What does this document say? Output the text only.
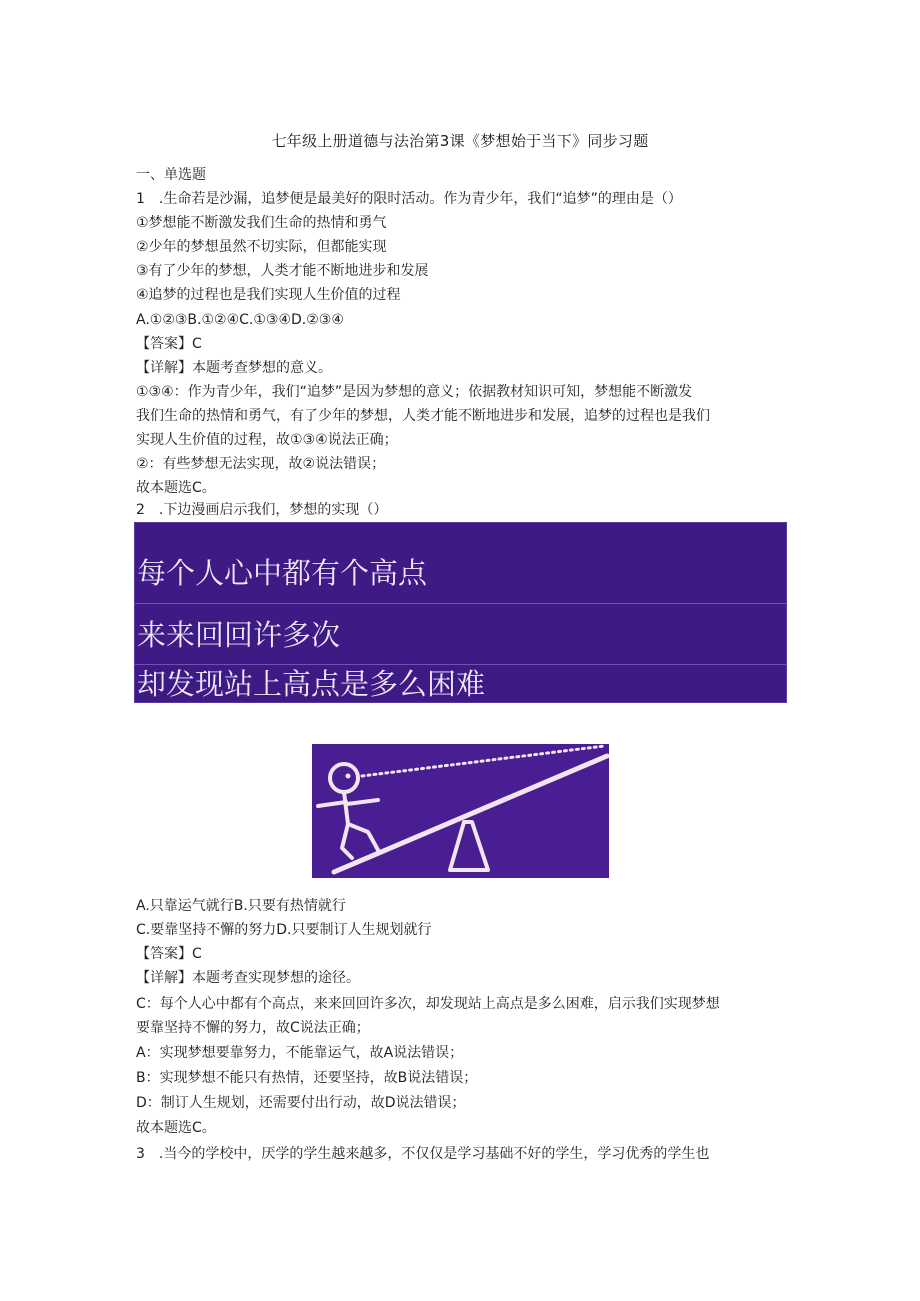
七年级上册道德与法治第3课《梦想始于当下》同步习题
一、单选题
1　.生命若是沙漏，追梦便是最美好的限时活动。作为青少年，我们“追梦”的理由是（）
①梦想能不断激发我们生命的热情和勇气
②少年的梦想虽然不切实际，但都能实现
③有了少年的梦想，人类才能不断地进步和发展
④追梦的过程也是我们实现人生价值的过程
A.①②③B.①②④C.①③④D.②③④
【答案】C
【详解】本题考查梦想的意义。
①③④：作为青少年，我们“追梦”是因为梦想的意义；依据教材知识可知，梦想能不断激发
我们生命的热情和勇气，有了少年的梦想，人类才能不断地进步和发展，追梦的过程也是我们
实现人生价值的过程，故①③④说法正确；
②：有些梦想无法实现，故②说法错误；
故本题选C。
2　.下边漫画启示我们，梦想的实现（）
每个人心中都有个高点
来来回回许多次
却发现站上高点是多么困难
A.只靠运气就行B.只要有热情就行
C.要靠坚持不懈的努力D.只要制订人生规划就行
【答案】C
【详解】本题考查实现梦想的途径。
C：每个人心中都有个高点，来来回回许多次，却发现站上高点是多么困难，启示我们实现梦想
要靠坚持不懈的努力，故C说法正确；
A：实现梦想要靠努力，不能靠运气，故A说法错误；
B：实现梦想不能只有热情，还要坚持，故B说法错误；
D：制订人生规划，还需要付出行动，故D说法错误；
故本题选C。
3　.当今的学校中，厌学的学生越来越多，不仅仅是学习基础不好的学生，学习优秀的学生也
